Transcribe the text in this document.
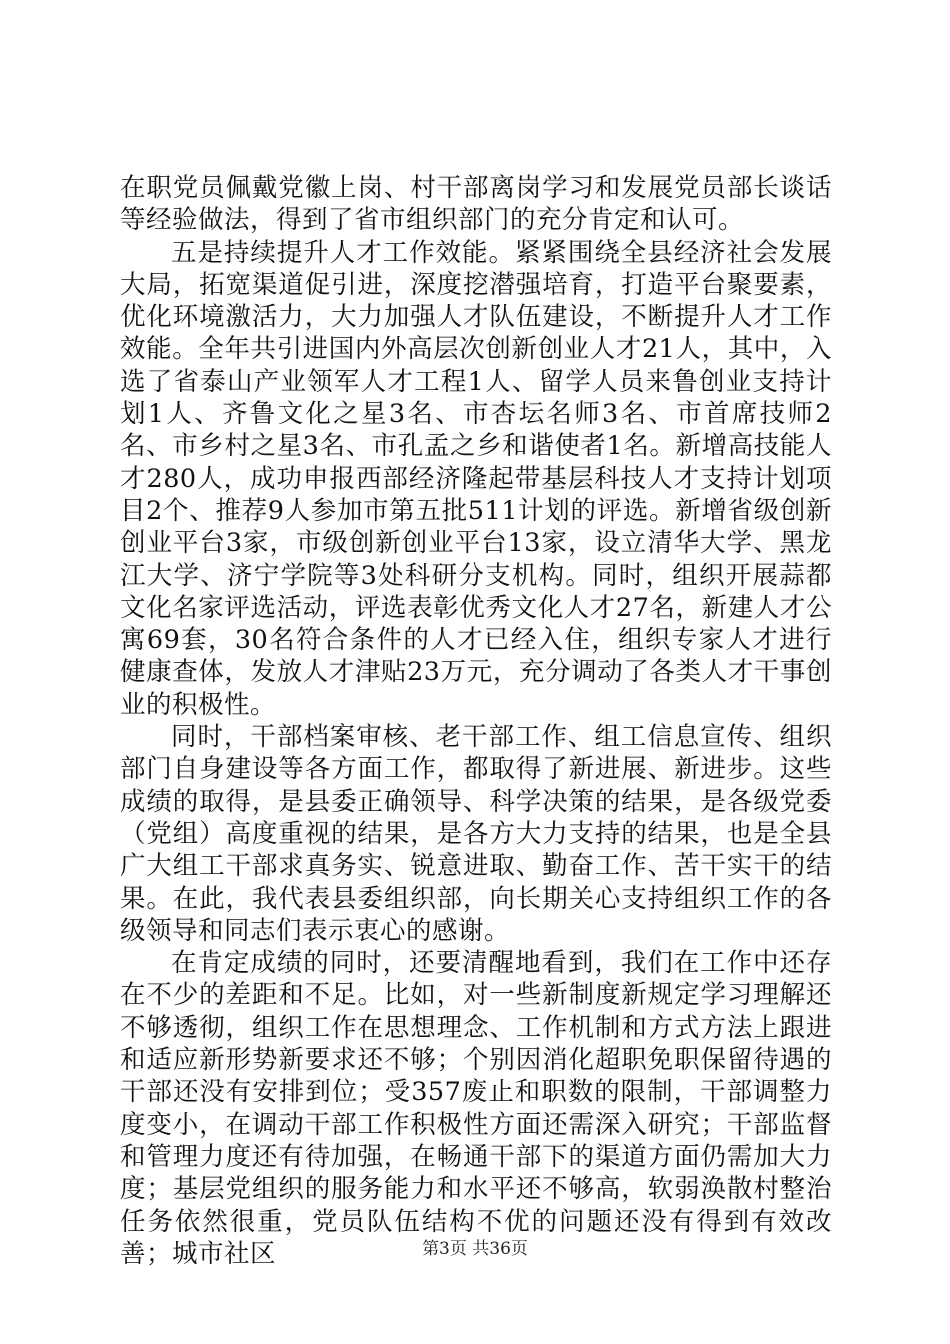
在职党员佩戴党徽上岗、村干部离岗学习和发展党员部长谈话等经验做法，得到了省市组织部门的充分肯定和认可。

五是持续提升人才工作效能。紧紧围绕全县经济社会发展大局，拓宽渠道促引进，深度挖潜强培育，打造平台聚要素，优化环境激活力，大力加强人才队伍建设，不断提升人才工作效能。全年共引进国内外高层次创新创业人才21人，其中，入选了省泰山产业领军人才工程1人、留学人员来鲁创业支持计划1人、齐鲁文化之星3名、市杏坛名师3名、市首席技师2名、市乡村之星3名、市孔孟之乡和谐使者1名。新增高技能人才280人，成功申报西部经济隆起带基层科技人才支持计划项目2个、推荐9人参加市第五批511计划的评选。新增省级创新创业平台3家，市级创新创业平台13家，设立清华大学、黑龙江大学、济宁学院等3处科研分支机构。同时，组织开展蒜都文化名家评选活动，评选表彰优秀文化人才27名，新建人才公寓69套，30名符合条件的人才已经入住，组织专家人才进行健康查体，发放人才津贴23万元，充分调动了各类人才干事创业的积极性。

同时，干部档案审核、老干部工作、组工信息宣传、组织部门自身建设等各方面工作，都取得了新进展、新进步。这些成绩的取得，是县委正确领导、科学决策的结果，是各级党委（党组）高度重视的结果，是各方大力支持的结果，也是全县广大组工干部求真务实、锐意进取、勤奋工作、苦干实干的结果。在此，我代表县委组织部，向长期关心支持组织工作的各级领导和同志们表示衷心的感谢。

在肯定成绩的同时，还要清醒地看到，我们在工作中还存在不少的差距和不足。比如，对一些新制度新规定学习理解还不够透彻，组织工作在思想理念、工作机制和方式方法上跟进和适应新形势新要求还不够；个别因消化超职免职保留待遇的干部还没有安排到位；受357废止和职数的限制，干部调整力度变小，在调动干部工作积极性方面还需深入研究；干部监督和管理力度还有待加强，在畅通干部下的渠道方面仍需加大力度；基层党组织的服务能力和水平还不够高，软弱涣散村整治任务依然很重，党员队伍结构不优的问题还没有得到有效改善；城市社区	第3页 共36页
